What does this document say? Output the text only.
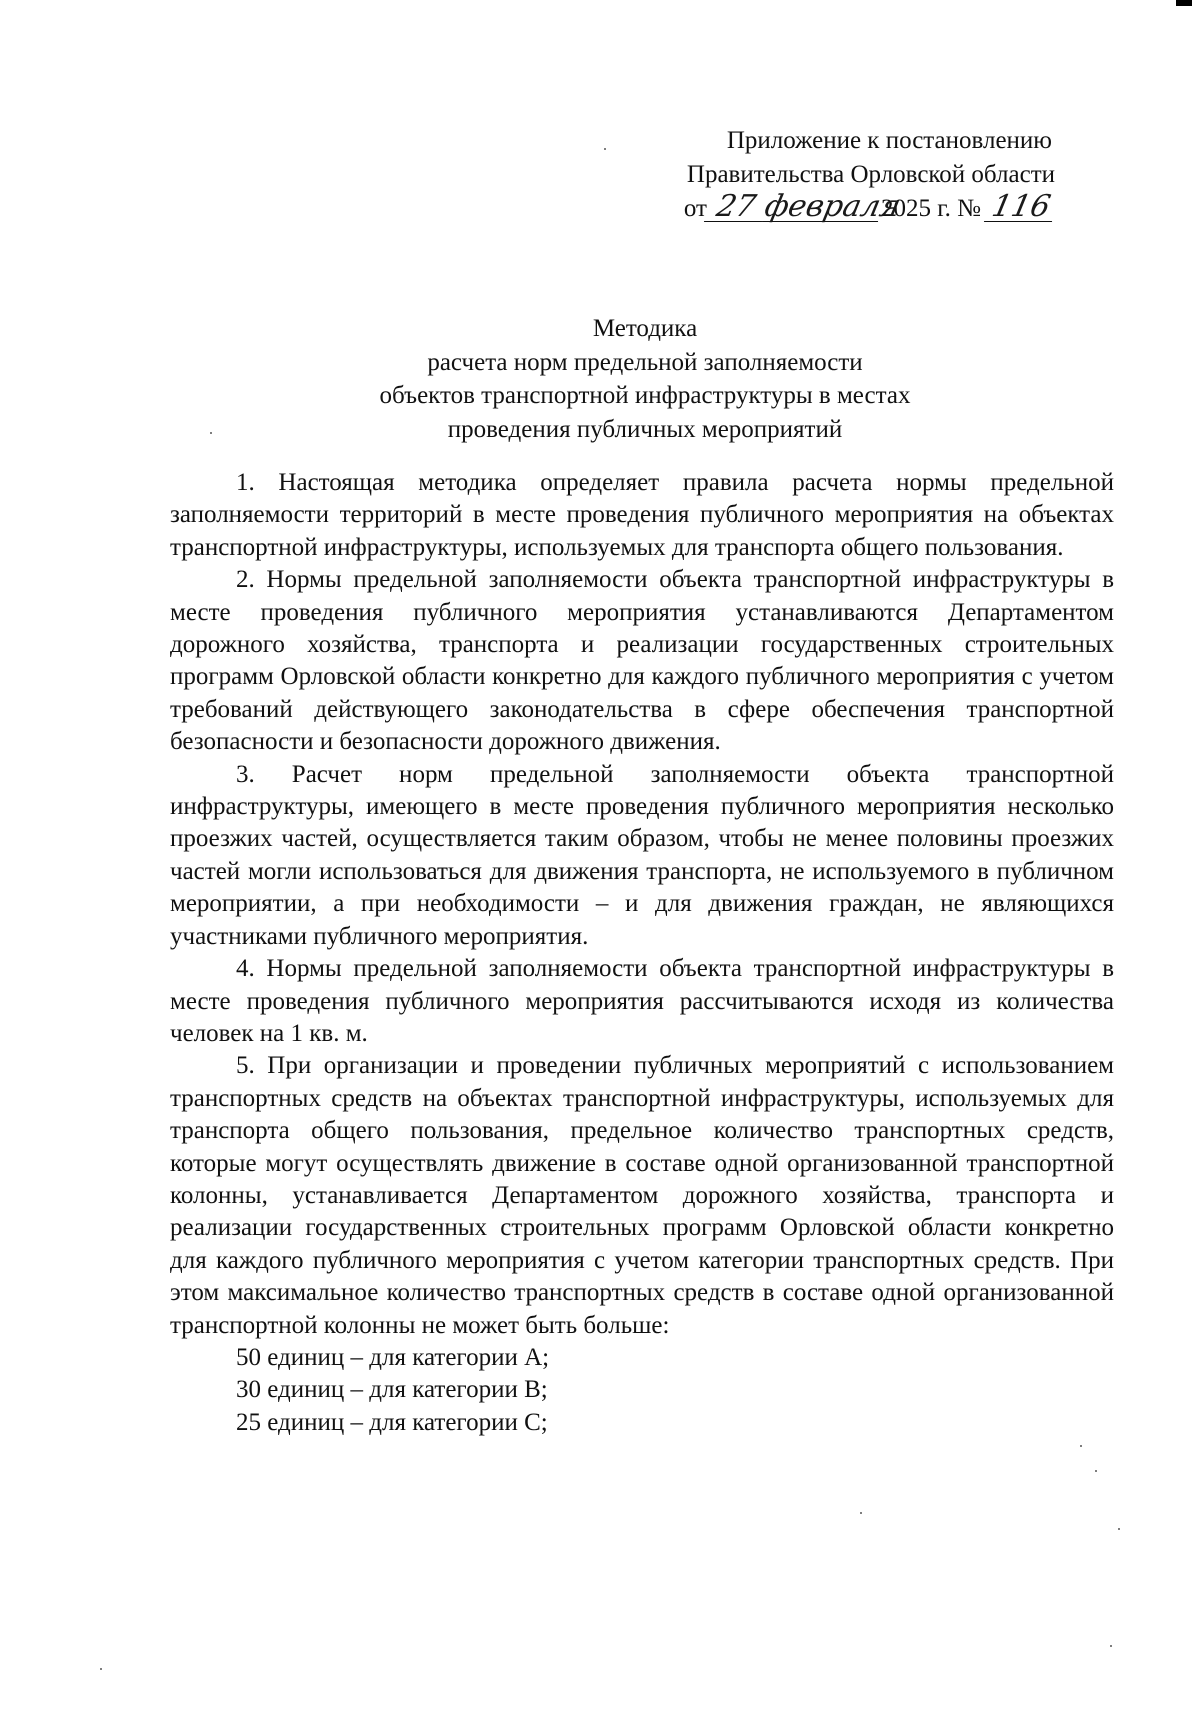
Приложение к постановлению
Правительства Орловской области
от 27февраля2025 г. № 116
Методика
расчета норм предельной заполняемости
объектов транспортной инфраструктуры в местах
проведения публичных мероприятий

1. Настоящая методика определяет правила расчета нормы предельной заполняемости территорий в месте проведения публичного мероприятия на объектах транспортной инфраструктуры, используемых для транспорта общего пользования.

2. Нормы предельной заполняемости объекта транспортной инфраструктуры в месте проведения публичного мероприятия устанавливаются Департаментом дорожного хозяйства, транспорта и реализации государственных строительных программ Орловской области конкретно для каждого публичного мероприятия с учетом требований действующего законодательства в сфере обеспечения транспортной безопасности и безопасности дорожного движения.

3. Расчет норм предельной заполняемости объекта транспортной инфраструктуры, имеющего в месте проведения публичного мероприятия несколько проезжих частей, осуществляется таким образом, чтобы не менее половины проезжих частей могли использоваться для движения транспорта, не используемого в публичном мероприятии, а при необходимости – и для движения граждан, не являющихся участниками публичного мероприятия.

4. Нормы предельной заполняемости объекта транспортной инфраструктуры в месте проведения публичного мероприятия рассчитываются исходя из количества человек на 1 кв. м.

5. При организации и проведении публичных мероприятий с использованием транспортных средств на объектах транспортной инфраструктуры, используемых для транспорта общего пользования, предельное количество транспортных средств, которые могут осуществлять движение в составе одной организованной транспортной колонны, устанавливается Департаментом дорожного хозяйства, транспорта и реализации государственных строительных программ Орловской области конкретно для каждого публичного мероприятия с учетом категории транспортных средств. При этом максимальное количество транспортных средств в составе одной организованной транспортной колонны не может быть больше:

50 единиц – для категории А;

30 единиц – для категории В;

25 единиц – для категории С;
